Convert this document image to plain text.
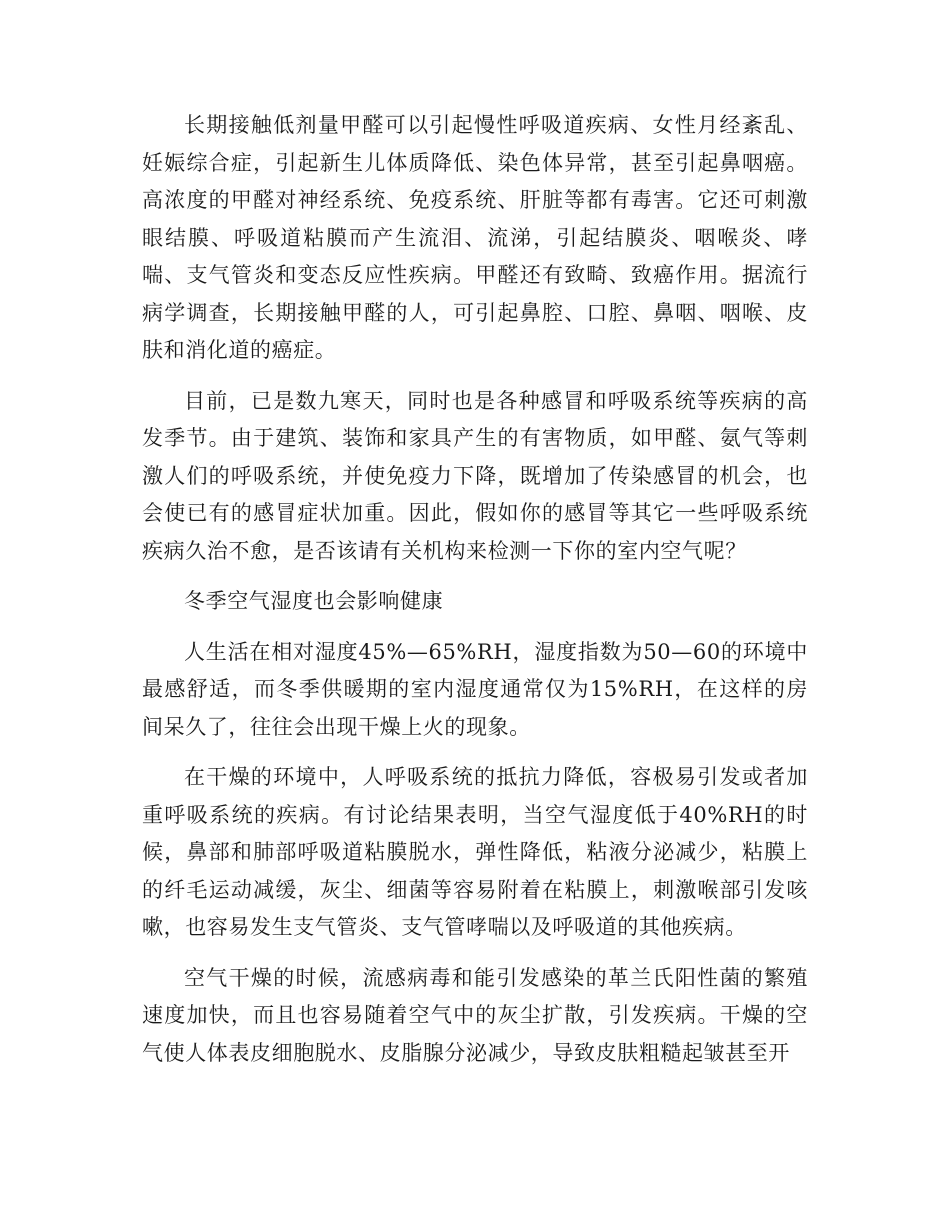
长期接触低剂量甲醛可以引起慢性呼吸道疾病、女性月经紊乱、妊娠综合症，引起新生儿体质降低、染色体异常，甚至引起鼻咽癌。高浓度的甲醛对神经系统、免疫系统、肝脏等都有毒害。它还可刺激眼结膜、呼吸道粘膜而产生流泪、流涕，引起结膜炎、咽喉炎、哮喘、支气管炎和变态反应性疾病。甲醛还有致畸、致癌作用。据流行病学调查，长期接触甲醛的人，可引起鼻腔、口腔、鼻咽、咽喉、皮肤和消化道的癌症。

目前，已是数九寒天，同时也是各种感冒和呼吸系统等疾病的高发季节。由于建筑、装饰和家具产生的有害物质，如甲醛、氨气等刺激人们的呼吸系统，并使免疫力下降，既增加了传染感冒的机会，也会使已有的感冒症状加重。因此，假如你的感冒等其它一些呼吸系统疾病久治不愈，是否该请有关机构来检测一下你的室内空气呢？

冬季空气湿度也会影响健康

人生活在相对湿度45%—65%RH，湿度指数为50—60的环境中最感舒适，而冬季供暖期的室内湿度通常仅为15%RH，在这样的房间呆久了，往往会出现干燥上火的现象。

在干燥的环境中，人呼吸系统的抵抗力降低，容极易引发或者加重呼吸系统的疾病。有讨论结果表明，当空气湿度低于40%RH的时候，鼻部和肺部呼吸道粘膜脱水，弹性降低，粘液分泌减少，粘膜上的纤毛运动减缓，灰尘、细菌等容易附着在粘膜上，刺激喉部引发咳嗽，也容易发生支气管炎、支气管哮喘以及呼吸道的其他疾病。

空气干燥的时候，流感病毒和能引发感染的革兰氏阳性菌的繁殖速度加快，而且也容易随着空气中的灰尘扩散，引发疾病。干燥的空气使人体表皮细胞脱水、皮脂腺分泌减少，导致皮肤粗糙起皱甚至开
